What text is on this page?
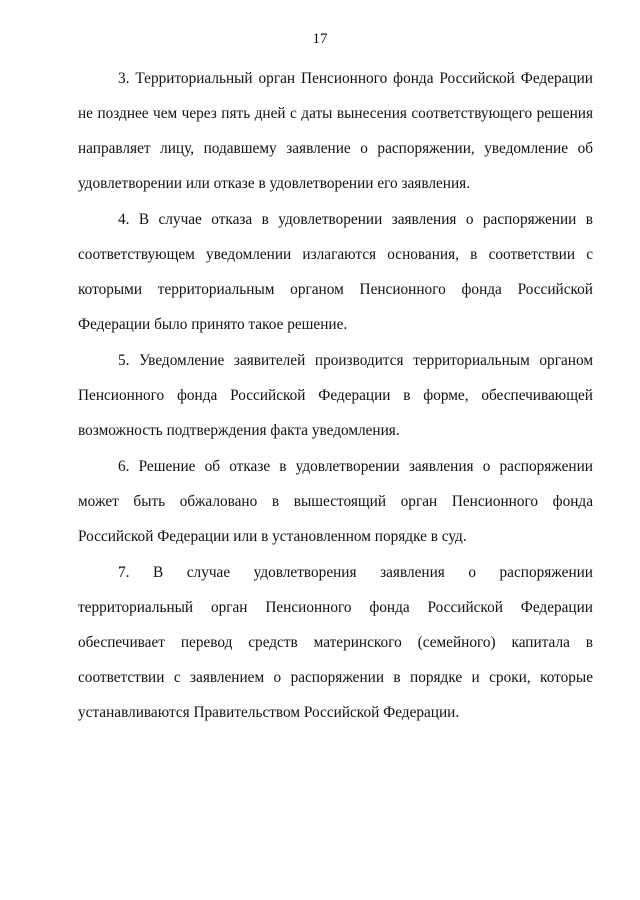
17

3. Территориальный орган Пенсионного фонда Российской Федерации не позднее чем через пять дней с даты вынесения соответствующего решения направляет лицу, подавшему заявление о распоряжении, уведомление об удовлетворении или отказе в удовлетворении его заявления.

4. В случае отказа в удовлетворении заявления о распоряжении в соответствующем уведомлении излагаются основания, в соответствии с которыми территориальным органом Пенсионного фонда Российской Федерации было принято такое решение.

5. Уведомление заявителей производится территориальным органом Пенсионного фонда Российской Федерации в форме, обеспечивающей возможность подтверждения факта уведомления.

6. Решение об отказе в удовлетворении заявления о распоряжении может быть обжаловано в вышестоящий орган Пенсионного фонда Российской Федерации или в установленном порядке в суд.

7. В случае удовлетворения заявления о распоряжении территориальный орган Пенсионного фонда Российской Федерации обеспечивает перевод средств материнского (семейного) капитала в соответствии с заявлением о распоряжении в порядке и сроки, которые устанавливаются Правительством Российской Федерации.
